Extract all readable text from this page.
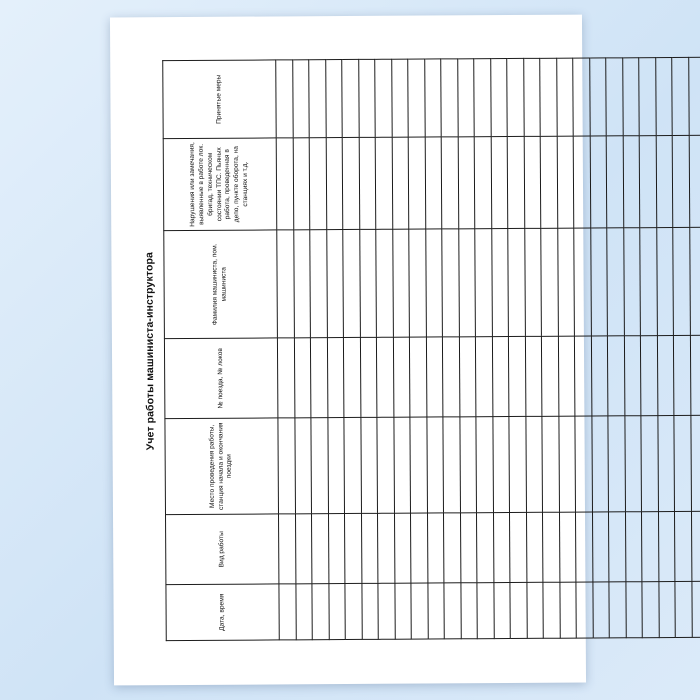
Учет работы машиниста-инструктора
Дата, время	Вид работы	Место проведения работы, станция начала и окончания поездки	№ поезда, № локов	Фамилия машиниста, пом. машиниста	Нарушения или замечания, выявленные в работе лок. бригад, техническом состоянии ТПС. Пьяных работа, проведенная в депо, пункте оборота, на станциях и т.д.	Принятые меры
